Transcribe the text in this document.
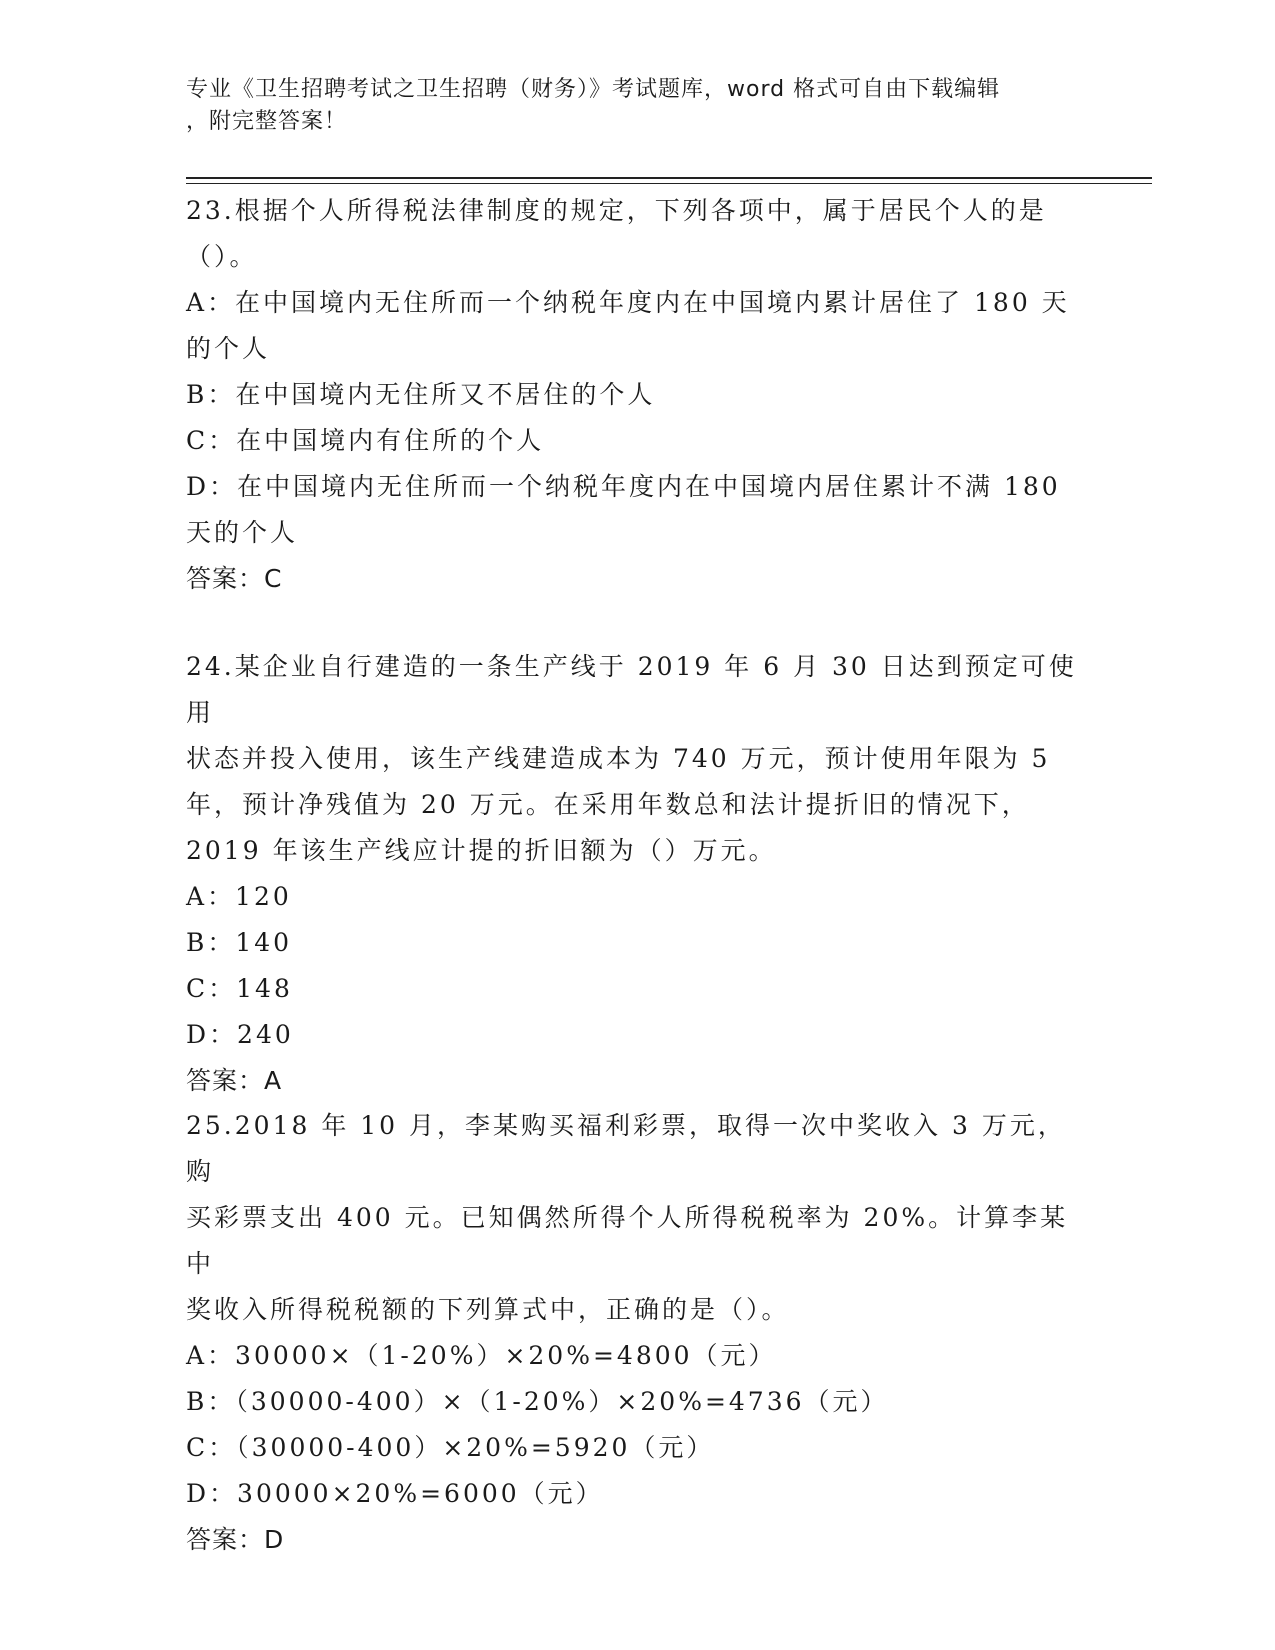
专业《卫生招聘考试之卫生招聘（财务）》考试题库，word 格式可自由下载编辑
，附完整答案！

23.根据个人所得税法律制度的规定，下列各项中，属于居民个人的是

（）。

A：在中国境内无住所而一个纳税年度内在中国境内累计居住了 180 天

的个人

B：在中国境内无住所又不居住的个人

C：在中国境内有住所的个人

D：在中国境内无住所而一个纳税年度内在中国境内居住累计不满 180

天的个人

答案：C

24.某企业自行建造的一条生产线于 2019 年 6 月 30 日达到预定可使用

状态并投入使用，该生产线建造成本为 740 万元，预计使用年限为 5

年，预计净残值为 20 万元。在采用年数总和法计提折旧的情况下，

2019 年该生产线应计提的折旧额为（）万元。

A：120

B：140

C：148

D：240

答案：A

25.2018 年 10 月，李某购买福利彩票，取得一次中奖收入 3 万元，购

买彩票支出 400 元。已知偶然所得个人所得税税率为 20%。计算李某中

奖收入所得税税额的下列算式中，正确的是（）。

A：30000×（1-20%）×20%=4800（元）

B：（30000-400）×（1-20%）×20%=4736（元）

C：（30000-400）×20%=5920（元）

D：30000×20%=6000（元）

答案：D
